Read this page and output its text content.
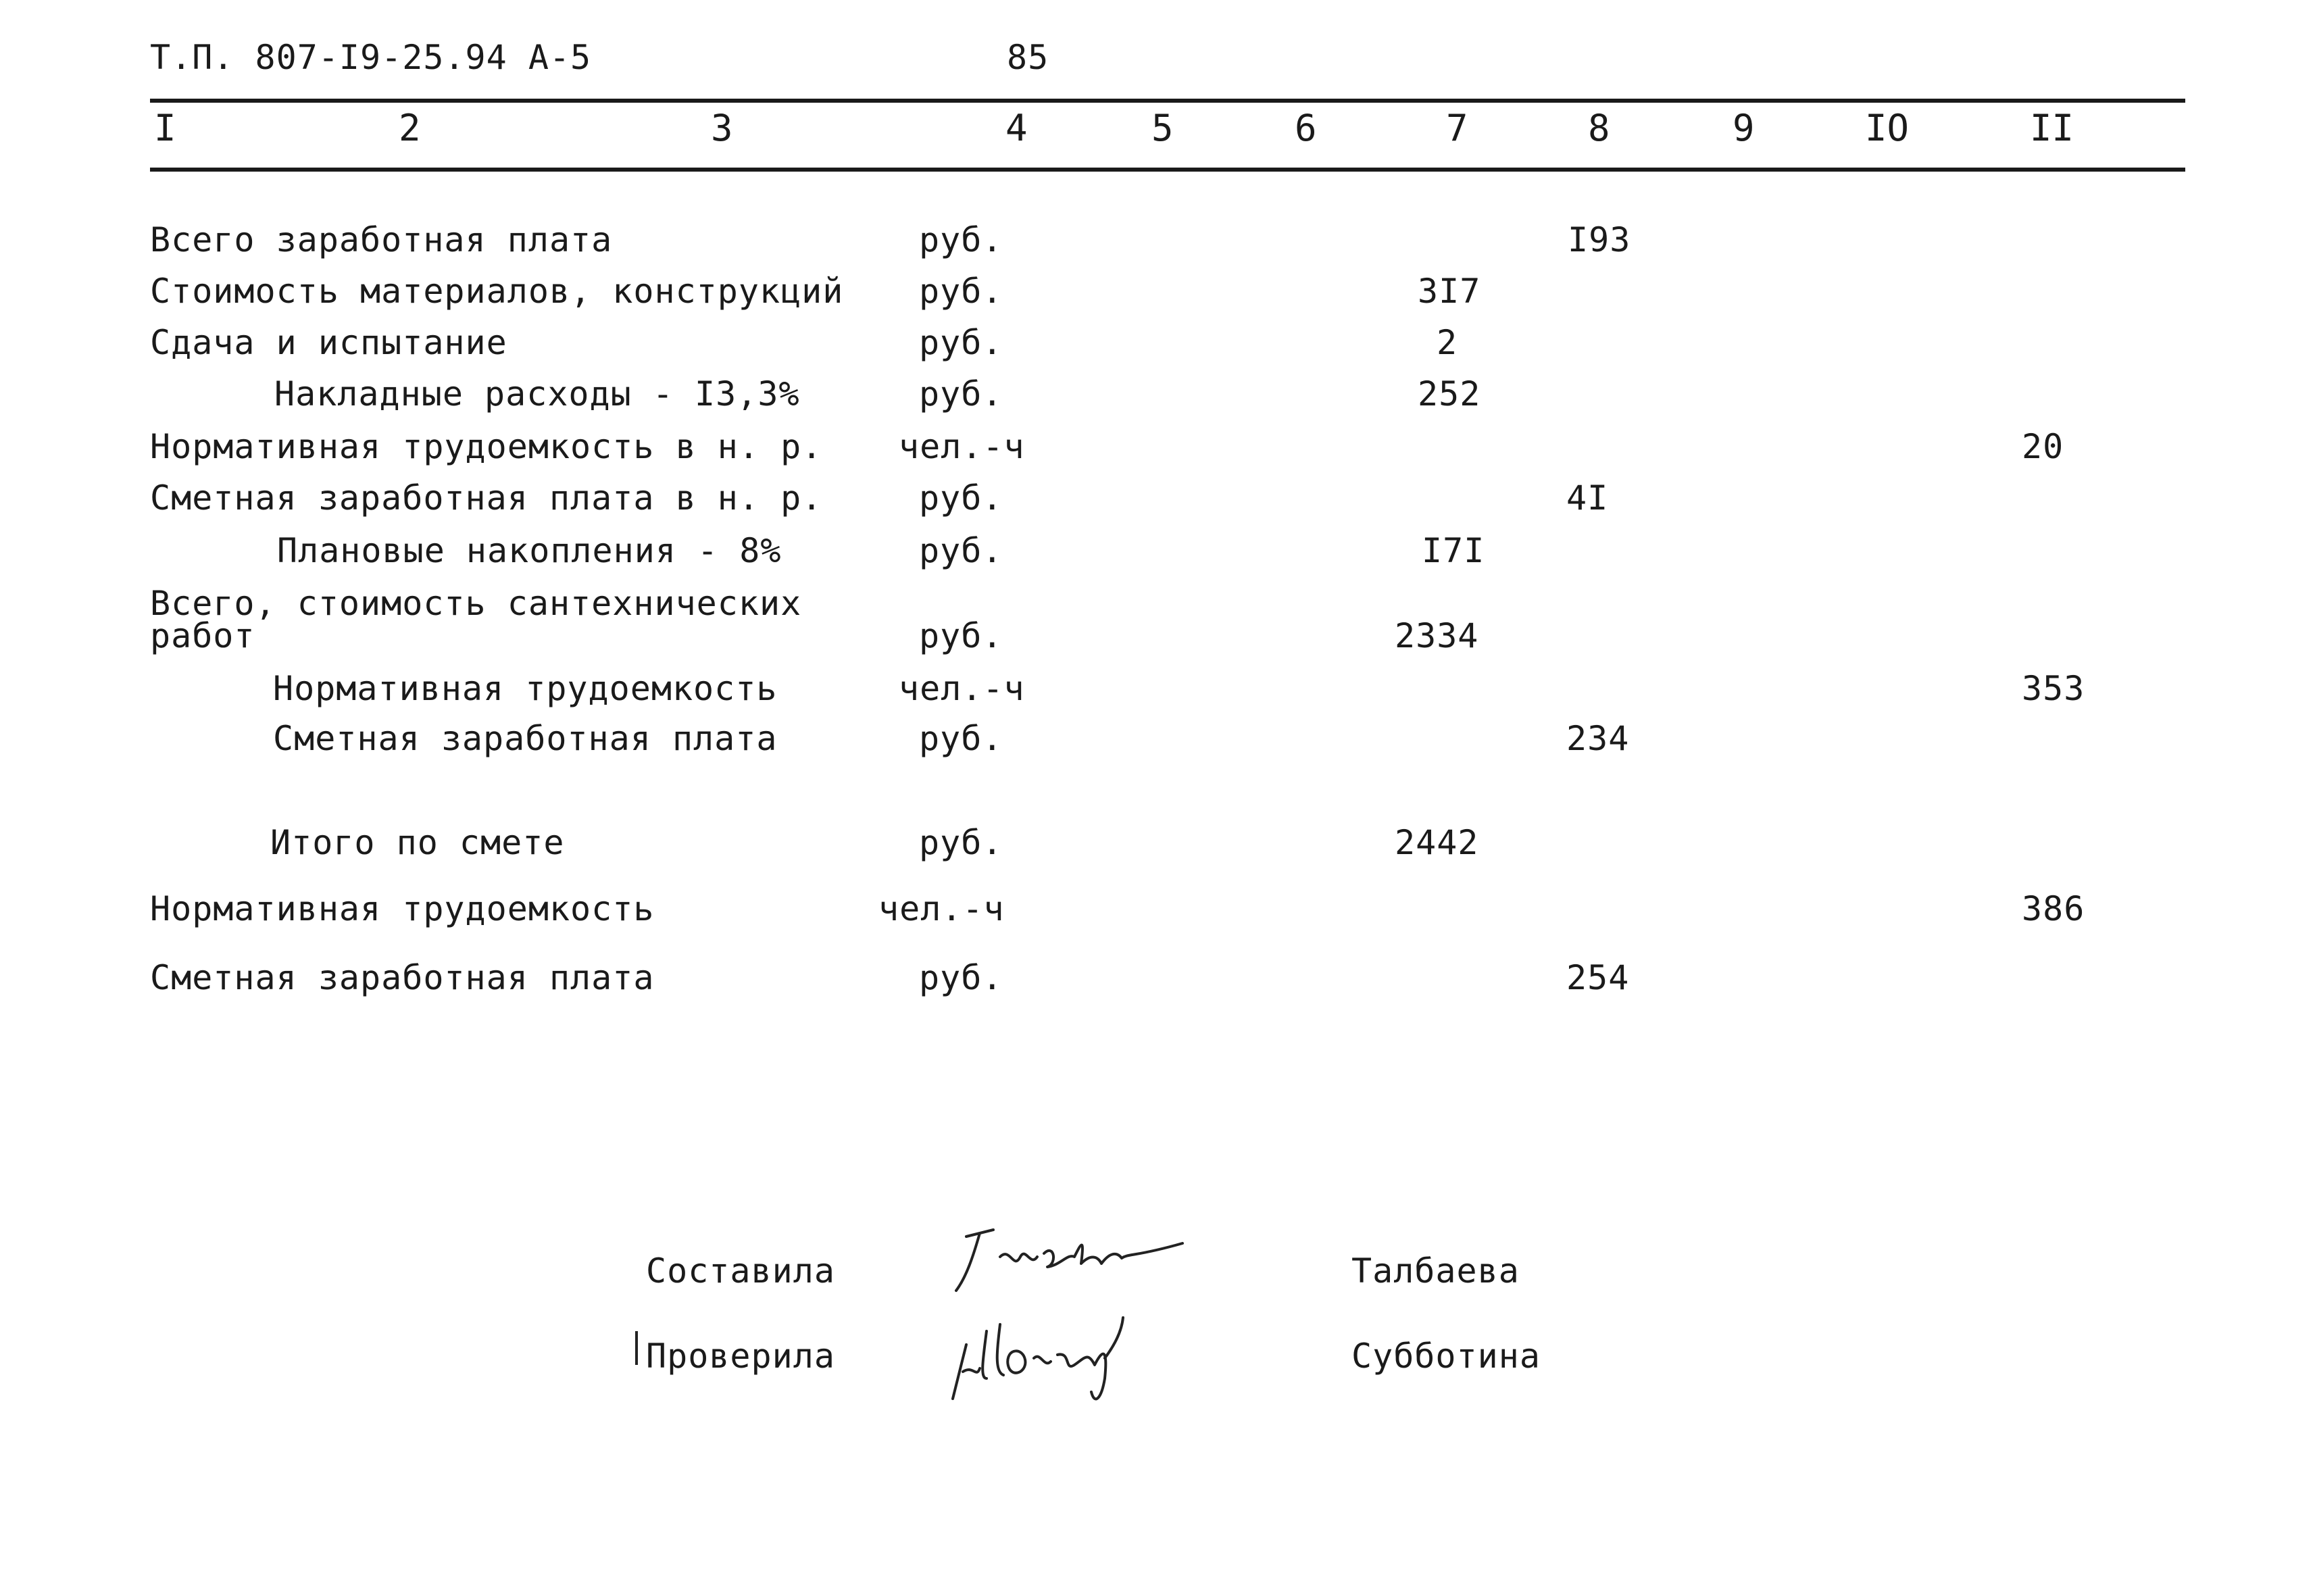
Т.П. 807-I9-25.94 А-5	85
I	2	3	4	5	6	7	8	9	IO	II
Всего заработная плата	руб.	I93
Стоимость материалов, конструкций руб.	3I7
Сдача и испытание	руб.	2
Накладные расходы - I3,3%	руб.	252
Нормативная трудоемкость в н. р. чел.-ч	20
Сметная заработная плата в н. р.	руб.	4I
Плановые накопления - 8%	руб.	I7I
Всего, стоимость сантехнических
работ	руб.	2334
Нормативная трудоемкость	чел.-ч	353
Сметная заработная плата	руб.	234
Итого по смете	руб.	2442
Нормативная трудоемкость	чел.-ч	386
Сметная заработная плата	руб.	254
Составила	Талбаева
Проверила	Субботина
